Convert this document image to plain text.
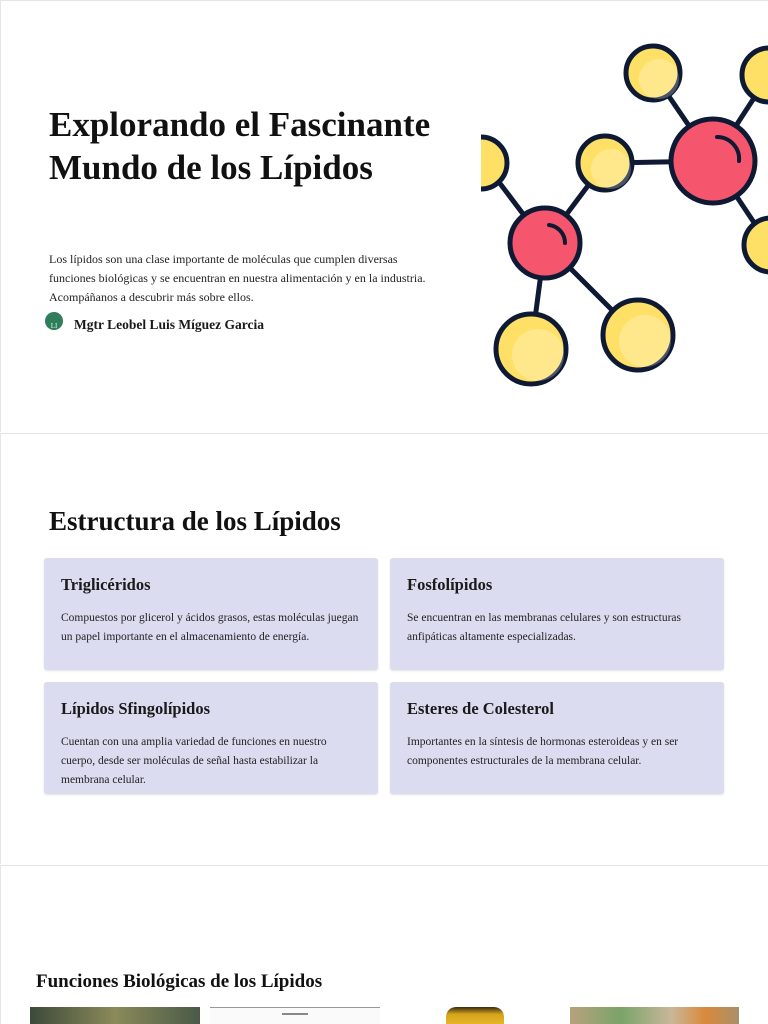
Explorando el Fascinante
Mundo de los Lípidos

Los lípidos son una clase importante de moléculas que cumplen diversas funciones biológicas y se encuentran en nuestra alimentación y en la industria. Acompáñanos a descubrir más sobre ellos.

LI Mgtr Leobel Luis Míguez Garcia
Estructura de los Lípidos
Triglicéridos

Compuestos por glicerol y ácidos grasos, estas moléculas juegan un papel importante en el almacenamiento de energía.

Fosfolípidos

Se encuentran en las membranas celulares y son estructuras anfipáticas altamente especializadas.

Lípidos Sfingolípidos

Cuentan con una amplia variedad de funciones en nuestro cuerpo, desde ser moléculas de señal hasta estabilizar la membrana celular.

Esteres de Colesterol

Importantes en la síntesis de hormonas esteroideas y en ser componentes estructurales de la membrana celular.

Funciones Biológicas de los Lípidos
